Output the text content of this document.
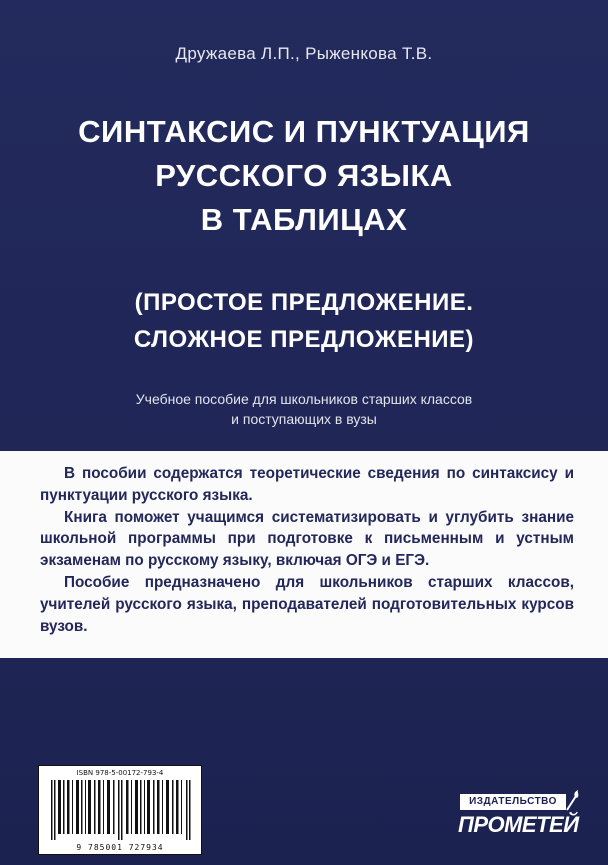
Дружаева Л.П., Рыженкова Т.В.
СИНТАКСИС И ПУНКТУАЦИЯ
РУССКОГО ЯЗЫКА
В ТАБЛИЦАХ
(ПРОСТОЕ ПРЕДЛОЖЕНИЕ.
СЛОЖНОЕ ПРЕДЛОЖЕНИЕ)
Учебное пособие для школьников старших классов
и поступающих в вузы

В пособии содержатся теоретические сведения по синтаксису и пунктуации русского языка.

Книга поможет учащимся систематизировать и углубить знание школьной программы при подготовке к письменным и устным экзаменам по русскому языку, включая ОГЭ и ЕГЭ.

Пособие предназначено для школьников старших классов, учителей русского языка, преподавателей подготовительных курсов вузов.

ISBN 978-5-00172-793-4
9 785001 727934
ИЗДАТЕЛЬСТВО
ПРОМЕТЕЙ
